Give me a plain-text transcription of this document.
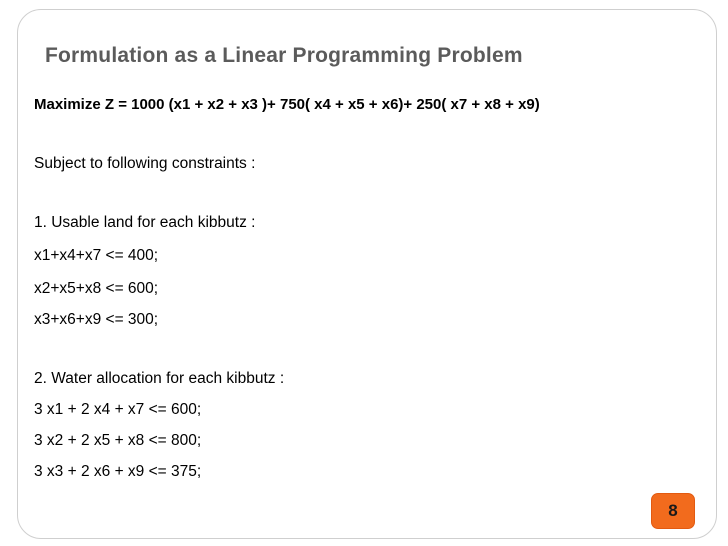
Formulation as a Linear Programming Problem
Maximize Z = 1000 (x1 + x2 + x3 )+ 750( x4 + x5 + x6)+ 250( x7 + x8 + x9)
Subject to following constraints :
1. Usable land for each kibbutz :
x1+x4+x7 <= 400;
x2+x5+x8 <= 600;
x3+x6+x9 <= 300;
2. Water allocation for each kibbutz :
3 x1 + 2 x4 + x7 <= 600;
3 x2 + 2 x5 + x8 <= 800;
3 x3 + 2 x6 + x9 <= 375;
8
